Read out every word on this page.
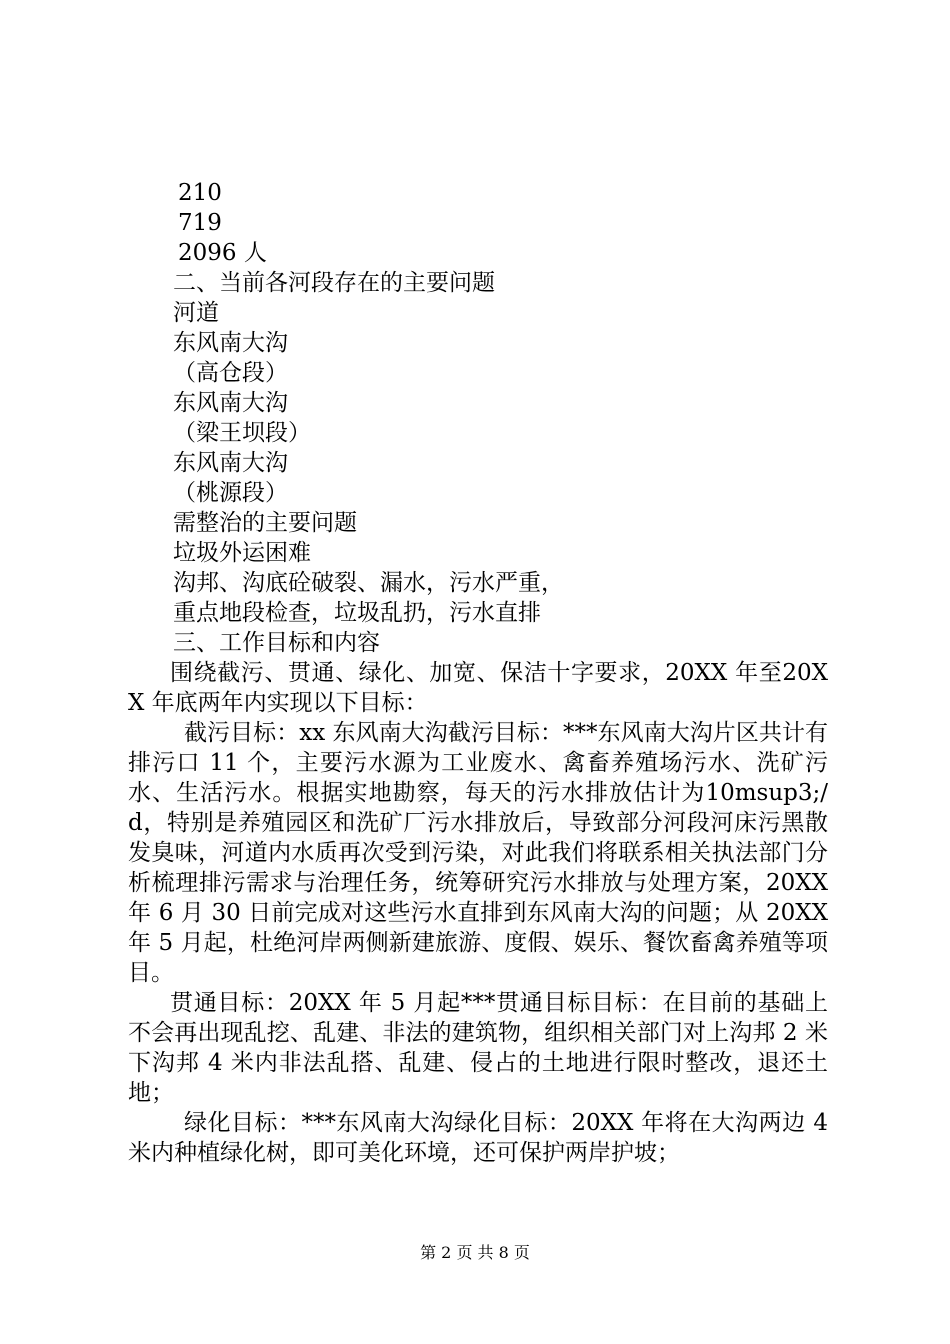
210
719
2096 人
二、当前各河段存在的主要问题
河道
东风南大沟
（高仓段）
东风南大沟
（梁王坝段）
东风南大沟
（桃源段）
需整治的主要问题
垃圾外运困难
沟邦、沟底砼破裂、漏水，污水严重，
重点地段检查，垃圾乱扔，污水直排
三、工作目标和内容
围绕截污、贯通、绿化、加宽、保洁十字要求，20XX 年至20XX 年底两年内实现以下目标：
截污目标：xx 东风南大沟截污目标：***东风南大沟片区共计有排污口 11 个，主要污水源为工业废水、禽畜养殖场污水、洗矿污水、生活污水。根据实地勘察，每天的污水排放估计为10msup3;/d，特别是养殖园区和洗矿厂污水排放后，导致部分河段河床污黑散发臭味，河道内水质再次受到污染，对此我们将联系相关执法部门分析梳理排污需求与治理任务，统筹研究污水排放与处理方案，20XX 年 6 月 30 日前完成对这些污水直排到东风南大沟的问题；从 20XX 年 5 月起，杜绝河岸两侧新建旅游、度假、娱乐、餐饮畜禽养殖等项目。
贯通目标：20XX 年 5 月起***贯通目标目标：在目前的基础上不会再出现乱挖、乱建、非法的建筑物，组织相关部门对上沟邦 2 米下沟邦 4 米内非法乱搭、乱建、侵占的土地进行限时整改，退还土地；
绿化目标：***东风南大沟绿化目标：20XX 年将在大沟两边 4 米内种植绿化树，即可美化环境，还可保护两岸护坡；
第 2 页 共 8 页
